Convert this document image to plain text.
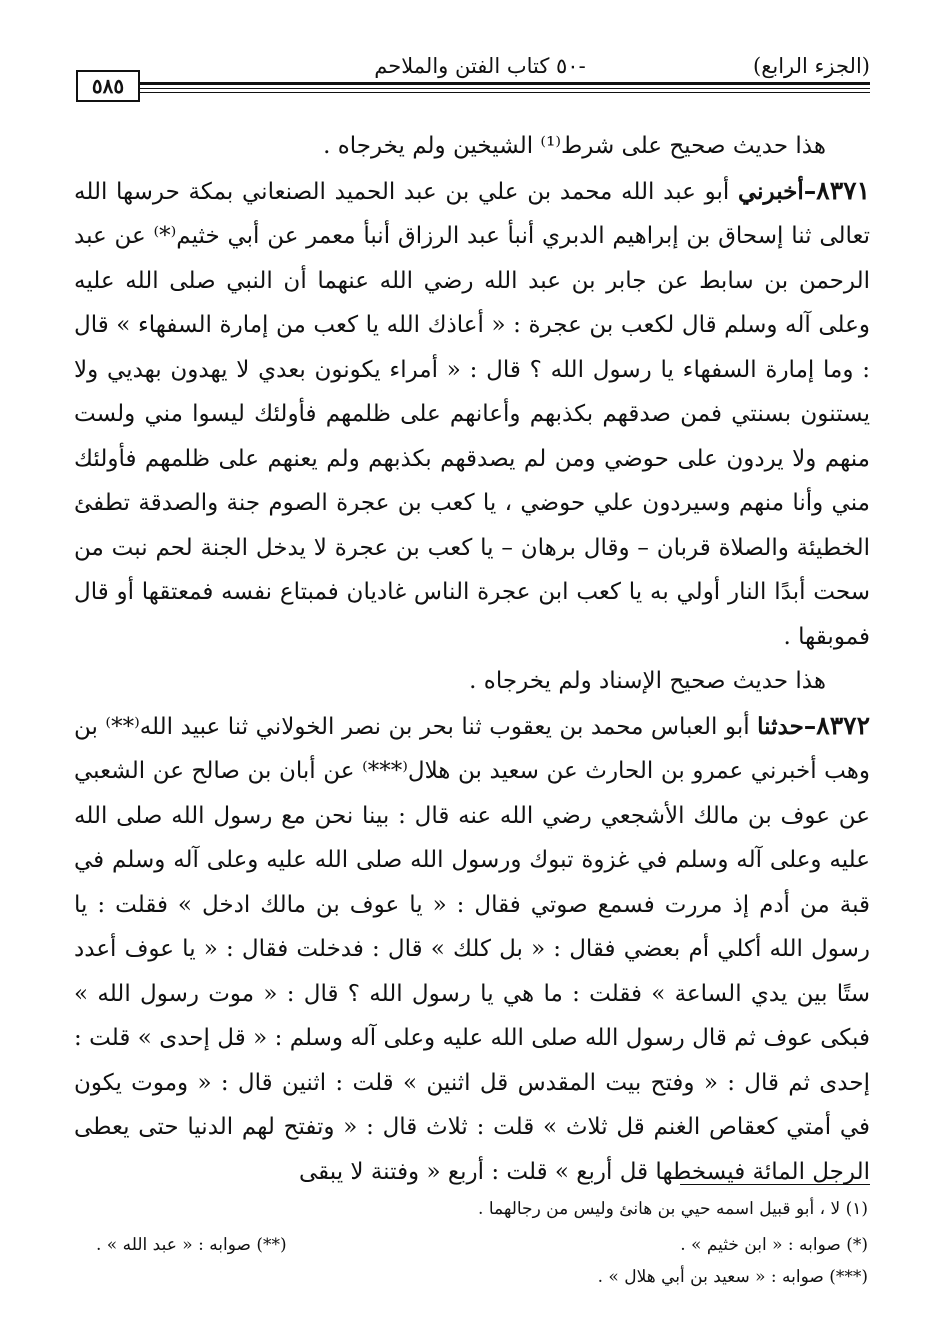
(الجزء الرابع)
-٥٠ كتاب الفتن والملاحم
٥٨٥

هذا حديث صحيح على شرط⁽¹⁾ الشيخين ولم يخرجاه .

٨٣٧١–أخبرني أبو عبد الله محمد بن علي بن عبد الحميد الصنعاني بمكة حرسها الله تعالى ثنا إسحاق بن إبراهيم الدبري أنبأ عبد الرزاق أنبأ معمر عن أبي خثيم⁽*⁾ عن عبد الرحمن بن سابط عن جابر بن عبد الله رضي الله عنهما أن النبي صلى الله عليه وعلى آله وسلم قال لكعب بن عجرة : « أعاذك الله يا كعب من إمارة السفهاء » قال : وما إمارة السفهاء يا رسول الله ؟ قال : « أمراء يكونون بعدي لا يهدون بهديي ولا يستنون بسنتي فمن صدقهم بكذبهم وأعانهم على ظلمهم فأولئك ليسوا مني ولست منهم ولا يردون على حوضي ومن لم يصدقهم بكذبهم ولم يعنهم على ظلمهم فأولئك مني وأنا منهم وسيردون علي حوضي ، يا كعب بن عجرة الصوم جنة والصدقة تطفئ الخطيئة والصلاة قربان – وقال برهان – يا كعب بن عجرة لا يدخل الجنة لحم نبت من سحت أبدًا النار أولي به يا كعب ابن عجرة الناس غاديان فمبتاع نفسه فمعتقها أو قال فموبقها .

هذا حديث صحيح الإسناد ولم يخرجاه .

٨٣٧٢–حدثنا أبو العباس محمد بن يعقوب ثنا بحر بن نصر الخولاني ثنا عبيد الله⁽**⁾ بن وهب أخبرني عمرو بن الحارث عن سعيد بن هلال⁽***⁾ عن أبان بن صالح عن الشعبي عن عوف بن مالك الأشجعي رضي الله عنه قال : بينا نحن مع رسول الله صلى الله عليه وعلى آله وسلم في غزوة تبوك ورسول الله صلى الله عليه وعلى آله وسلم في قبة من أدم إذ مررت فسمع صوتي فقال : « يا عوف بن مالك ادخل » فقلت : يا رسول الله أكلي أم بعضي فقال : « بل كلك » قال : فدخلت فقال : « يا عوف أعدد ستًا بين يدي الساعة » فقلت : ما هي يا رسول الله ؟ قال : « موت رسول الله » فبكى عوف ثم قال رسول الله صلى الله عليه وعلى آله وسلم : « قل إحدى » قلت : إحدى ثم قال : « وفتح بيت المقدس قل اثنين » قلت : اثنين قال : « وموت يكون في أمتي كعقاص الغنم قل ثلاث » قلت : ثلاث قال : « وتفتح لهم الدنيا حتى يعطى الرجل المائة فيسخطها قل أربع » قلت : أربع « وفتنة لا يبقى

(١) لا ، أبو قبيل اسمه حيي بن هانئ وليس من رجالهما .
(*) صوابه : « ابن خثيم » .
(**) صوابه : « عبد الله » .
(***) صوابه : « سعيد بن أبي هلال » .
